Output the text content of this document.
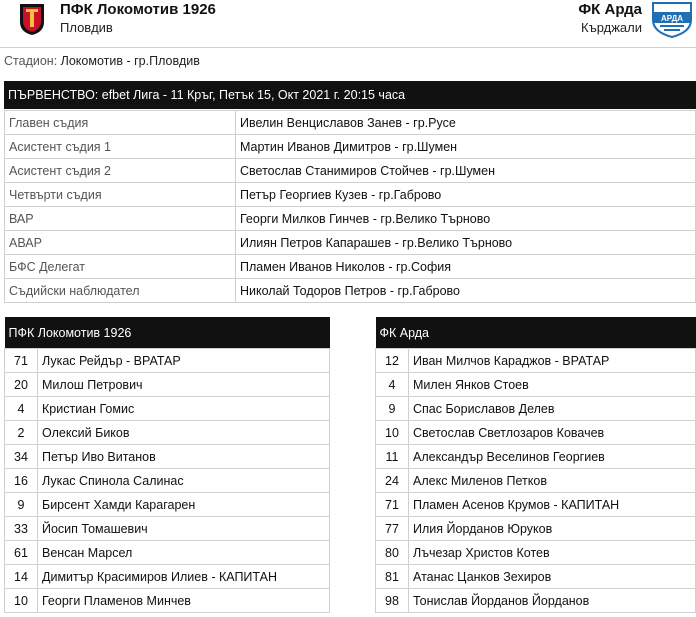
ПФК Локомотив 1926
Пловдив
ФК Арда
Кърджали
АРДА
Стадион: Локомотив - гр.Пловдив
ПЪРВЕНСТВО: efbet Лига - 11 Кръг, Петък 15, Окт 2021 г. 20:15 часа
Главен съдия	Ивелин Венциславов Занев - гр.Русе
Асистент съдия 1	Мартин Иванов Димитров - гр.Шумен
Асистент съдия 2	Светослав Станимиров Стойчев - гр.Шумен
Четвърти съдия	Петър Георгиев Кузев - гр.Габрово
ВАР	Георги Милков Гинчев - гр.Велико Търново
АВАР	Илиян Петров Капарашев - гр.Велико Търново
БФС Делегат	Пламен Иванов Николов - гр.София
Съдийски наблюдател	Николай Тодоров Петров - гр.Габрово
ПФК Локомотив 1926	
71	Лукас Рейдър - ВРАТАР
20	Милош Петрович
4	Кристиан Гомис
2	Олексий Биков
34	Петър Иво Витанов
16	Лукас Спинола Салинас
9	Бирсент Хамди Карагарен
33	Йосип Томашевич
61	Венсан Марсел
14	Димитър Красимиров Илиев - КАПИТАН
10	Георги Пламенов Минчев
ФК Арда	
12	Иван Милчов Караджов - ВРАТАР
4	Милен Янков Стоев
9	Спас Бориславов Делев
10	Светослав Светлозаров Ковачев
11	Александър Веселинов Георгиев
24	Алекс Миленов Петков
71	Пламен Асенов Крумов - КАПИТАН
77	Илия Йорданов Юруков
80	Лъчезар Христов Котев
81	Атанас Цанков Зехиров
98	Тонислав Йорданов Йорданов
